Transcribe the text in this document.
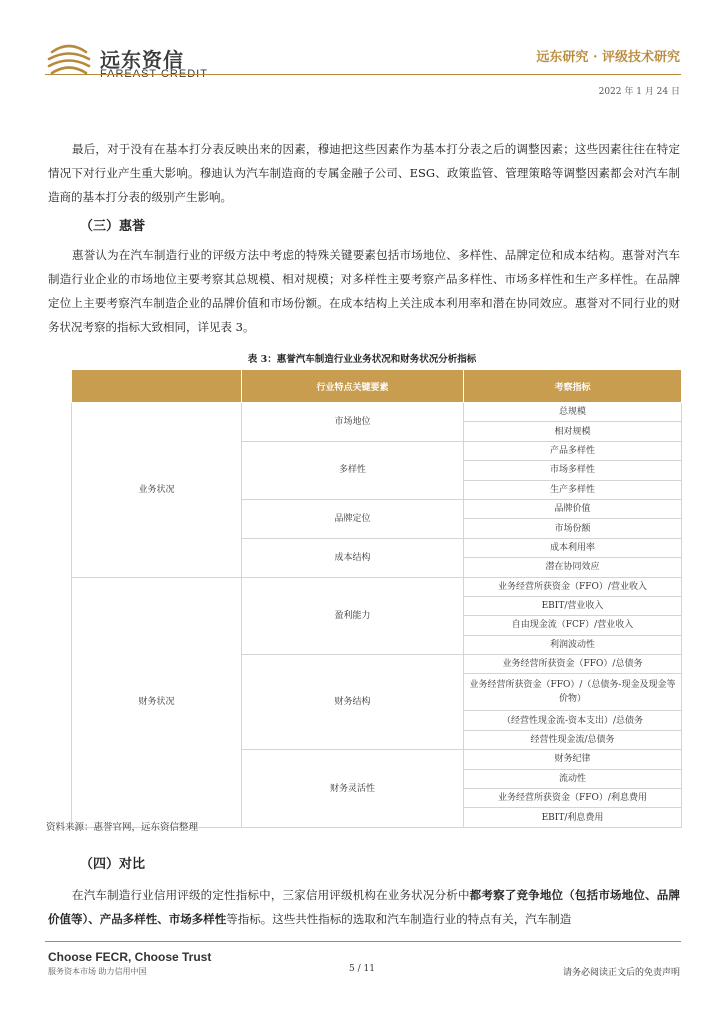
远东资信
FAREAST CREDIT
远东研究 · 评级技术研究
2022 年 1 月 24 日
最后，对于没有在基本打分表反映出来的因素，穆迪把这些因素作为基本打分表之后的调整因素；这些因素往往在特定情况下对行业产生重大影响。穆迪认为汽车制造商的专属金融子公司、ESG、政策监管、管理策略等调整因素都会对汽车制造商的基本打分表的级别产生影响。
（三）惠誉
惠誉认为在汽车制造行业的评级方法中考虑的特殊关键要素包括市场地位、多样性、品牌定位和成本结构。惠誉对汽车制造行业企业的市场地位主要考察其总规模、相对规模；对多样性主要考察产品多样性、市场多样性和生产多样性。在品牌定位上主要考察汽车制造企业的品牌价值和市场份额。在成本结构上关注成本利用率和潜在协同效应。惠誉对不同行业的财务状况考察的指标大致相同，详见表 3。
表 3：惠誉汽车制造行业业务状况和财务状况分析指标
	行业特点关键要素	考察指标
业务状况	市场地位	总规模
		相对规模
	多样性	产品多样性
		市场多样性
		生产多样性
	品牌定位	品牌价值
		市场份额
	成本结构	成本利用率
		潜在协同效应
财务状况	盈利能力	业务经营所获资金（FFO）/营业收入
		EBIT/营业收入
		自由现金流（FCF）/营业收入
		利润波动性
	财务结构	业务经营所获资金（FFO）/总债务
		业务经营所获资金（FFO）/（总债务-现金及现金等价物）
		（经营性现金流-资本支出）/总债务
		经营性现金流/总债务
	财务灵活性	财务纪律
		流动性
		业务经营所获资金（FFO）/利息费用
		EBIT/利息费用
资料来源：惠誉官网，远东资信整理
（四）对比
在汽车制造行业信用评级的定性指标中，三家信用评级机构在业务状况分析中都考察了竞争地位（包括市场地位、品牌价值等）、产品多样性、市场多样性等指标。这些共性指标的选取和汽车制造行业的特点有关，汽车制造
Choose FECR, Choose Trust
服务资本市场 助力信用中国	5 / 11	请务必阅读正文后的免责声明
